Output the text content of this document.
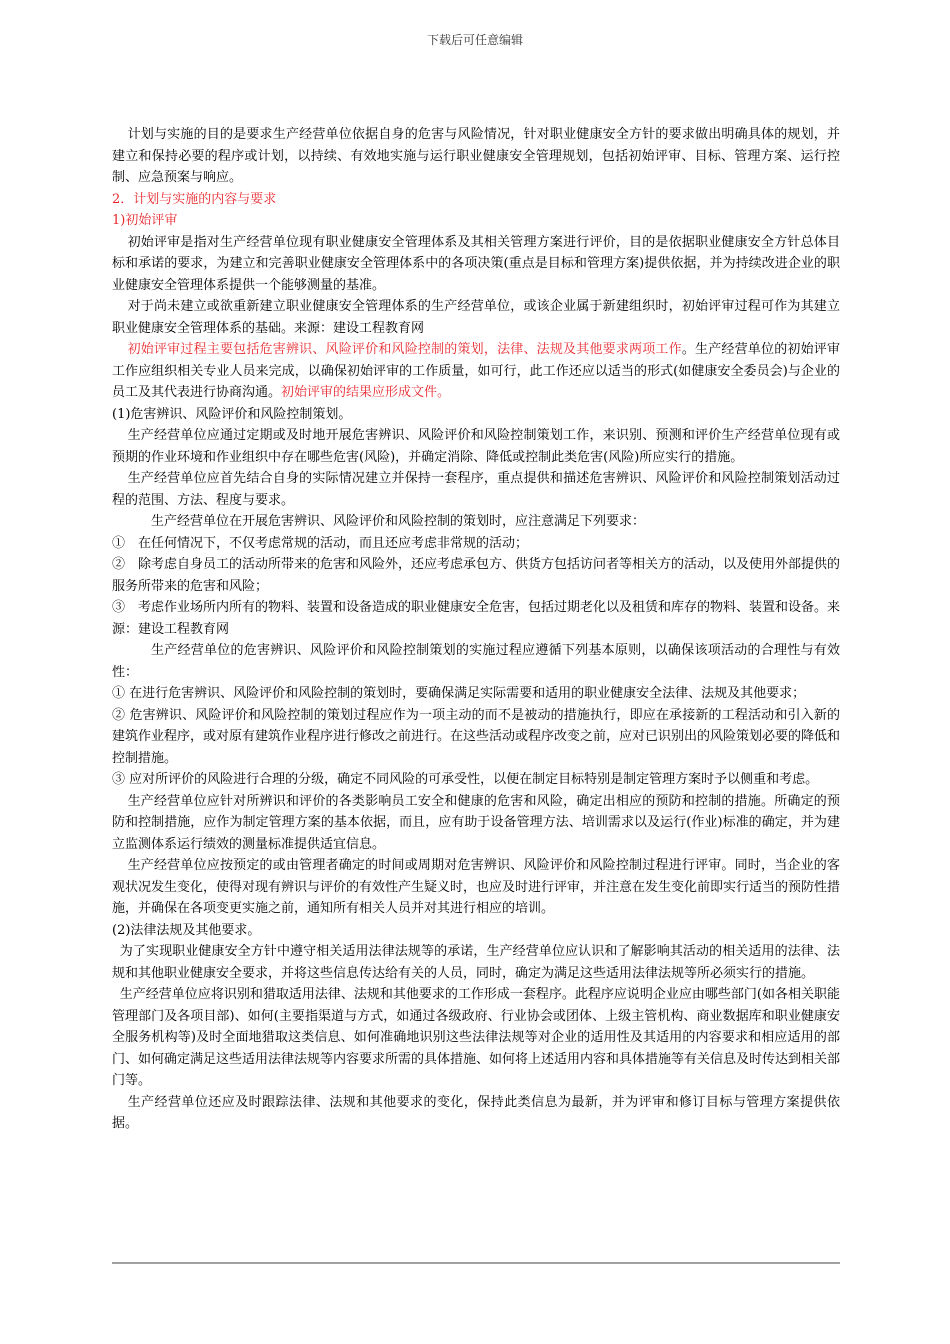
下载后可任意编辑

计划与实施的目的是要求生产经营单位依据自身的危害与风险情况，针对职业健康安全方针的要求做出明确具体的规划，并建立和保持必要的程序或计划，以持续、有效地实施与运行职业健康安全管理规划，包括初始评审、目标、管理方案、运行控制、应急预案与响应。

2．计划与实施的内容与要求

1)初始评审

初始评审是指对生产经营单位现有职业健康安全管理体系及其相关管理方案进行评价，目的是依据职业健康安全方针总体目标和承诺的要求，为建立和完善职业健康安全管理体系中的各项决策(重点是目标和管理方案)提供依据，并为持续改进企业的职业健康安全管理体系提供一个能够测量的基准。

对于尚未建立或欲重新建立职业健康安全管理体系的生产经营单位，或该企业属于新建组织时，初始评审过程可作为其建立职业健康安全管理体系的基础。来源：建设工程教育网

初始评审过程主要包括危害辨识、风险评价和风险控制的策划，法律、法规及其他要求两项工作。生产经营单位的初始评审工作应组织相关专业人员来完成，以确保初始评审的工作质量，如可行，此工作还应以适当的形式(如健康安全委员会)与企业的员工及其代表进行协商沟通。初始评审的结果应形成文件。

(1)危害辨识、风险评价和风险控制策划。

生产经营单位应通过定期或及时地开展危害辨识、风险评价和风险控制策划工作，来识别、预测和评价生产经营单位现有或预期的作业环境和作业组织中存在哪些危害(风险)，并确定消除、降低或控制此类危害(风险)所应实行的措施。

生产经营单位应首先结合自身的实际情况建立并保持一套程序，重点提供和描述危害辨识、风险评价和风险控制策划活动过程的范围、方法、程度与要求。

生产经营单位在开展危害辨识、风险评价和风险控制的策划时，应注意满足下列要求：

①　在任何情况下，不仅考虑常规的活动，而且还应考虑非常规的活动；

②　除考虑自身员工的活动所带来的危害和风险外，还应考虑承包方、供货方包括访问者等相关方的活动，以及使用外部提供的服务所带来的危害和风险；

③　考虑作业场所内所有的物料、装置和设备造成的职业健康安全危害，包括过期老化以及租赁和库存的物料、装置和设备。来源：建设工程教育网

生产经营单位的危害辨识、风险评价和风险控制策划的实施过程应遵循下列基本原则，以确保该项活动的合理性与有效性：

① 在进行危害辨识、风险评价和风险控制的策划时，要确保满足实际需要和适用的职业健康安全法律、法规及其他要求；

② 危害辨识、风险评价和风险控制的策划过程应作为一项主动的而不是被动的措施执行，即应在承接新的工程活动和引入新的建筑作业程序，或对原有建筑作业程序进行修改之前进行。在这些活动或程序改变之前，应对已识别出的风险策划必要的降低和控制措施。

③ 应对所评价的风险进行合理的分级，确定不同风险的可承受性，以便在制定目标特别是制定管理方案时予以侧重和考虑。

生产经营单位应针对所辨识和评价的各类影响员工安全和健康的危害和风险，确定出相应的预防和控制的措施。所确定的预防和控制措施，应作为制定管理方案的基本依据，而且，应有助于设备管理方法、培训需求以及运行(作业)标准的确定，并为建立监测体系运行绩效的测量标准提供适宜信息。

生产经营单位应按预定的或由管理者确定的时间或周期对危害辨识、风险评价和风险控制过程进行评审。同时，当企业的客观状况发生变化，使得对现有辨识与评价的有效性产生疑义时，也应及时进行评审，并注意在发生变化前即实行适当的预防性措施，并确保在各项变更实施之前，通知所有相关人员并对其进行相应的培训。

(2)法律法规及其他要求。

为了实现职业健康安全方针中遵守相关适用法律法规等的承诺，生产经营单位应认识和了解影响其活动的相关适用的法律、法规和其他职业健康安全要求，并将这些信息传达给有关的人员，同时，确定为满足这些适用法律法规等所必须实行的措施。

生产经营单位应将识别和猎取适用法律、法规和其他要求的工作形成一套程序。此程序应说明企业应由哪些部门(如各相关职能管理部门及各项目部)、如何(主要指渠道与方式，如通过各级政府、行业协会或团体、上级主管机构、商业数据库和职业健康安全服务机构等)及时全面地猎取这类信息、如何准确地识别这些法律法规等对企业的适用性及其适用的内容要求和相应适用的部门、如何确定满足这些适用法律法规等内容要求所需的具体措施、如何将上述适用内容和具体措施等有关信息及时传达到相关部门等。

生产经营单位还应及时跟踪法律、法规和其他要求的变化，保持此类信息为最新，并为评审和修订目标与管理方案提供依据。
